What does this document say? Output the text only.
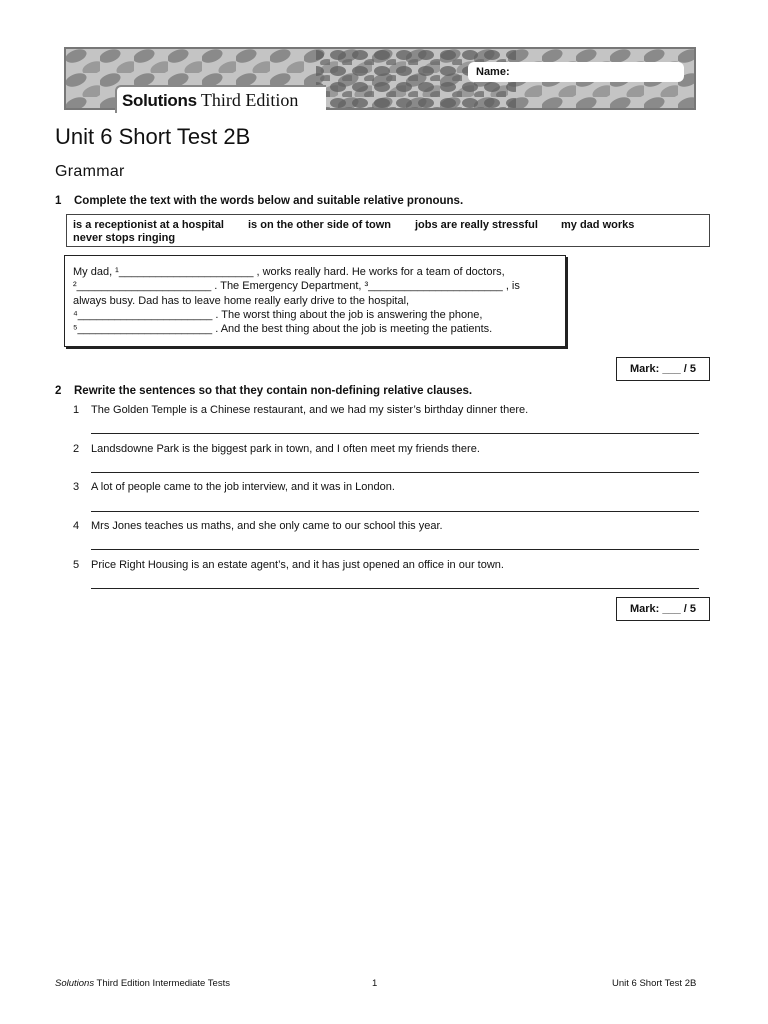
Solutions Third Edition
Name:
Unit 6 Short Test 2B
Grammar
1 Complete the text with the words below and suitable relative pronouns.
is a receptionist at a hospital is on the other side of town jobs are really stressful my dad works
never stops ringing
My dad, ¹______________________ , works really hard. He works for a team of doctors,
²______________________ . The Emergency Department, ³______________________ , is
always busy. Dad has to leave home really early drive to the hospital,
⁴______________________ . The worst thing about the job is answering the phone,
⁵______________________ . And the best thing about the job is meeting the patients.
Mark: ___ / 5
2 Rewrite the sentences so that they contain non-defining relative clauses.
1 The Golden Temple is a Chinese restaurant, and we had my sister’s birthday dinner there.
2 Landsdowne Park is the biggest park in town, and I often meet my friends there.
3 A lot of people came to the job interview, and it was in London.
4 Mrs Jones teaches us maths, and she only came to our school this year.
5 Price Right Housing is an estate agent’s, and it has just opened an office in our town.
Mark: ___ / 5
Solutions Third Edition Intermediate Tests	1	Unit 6 Short Test 2B
